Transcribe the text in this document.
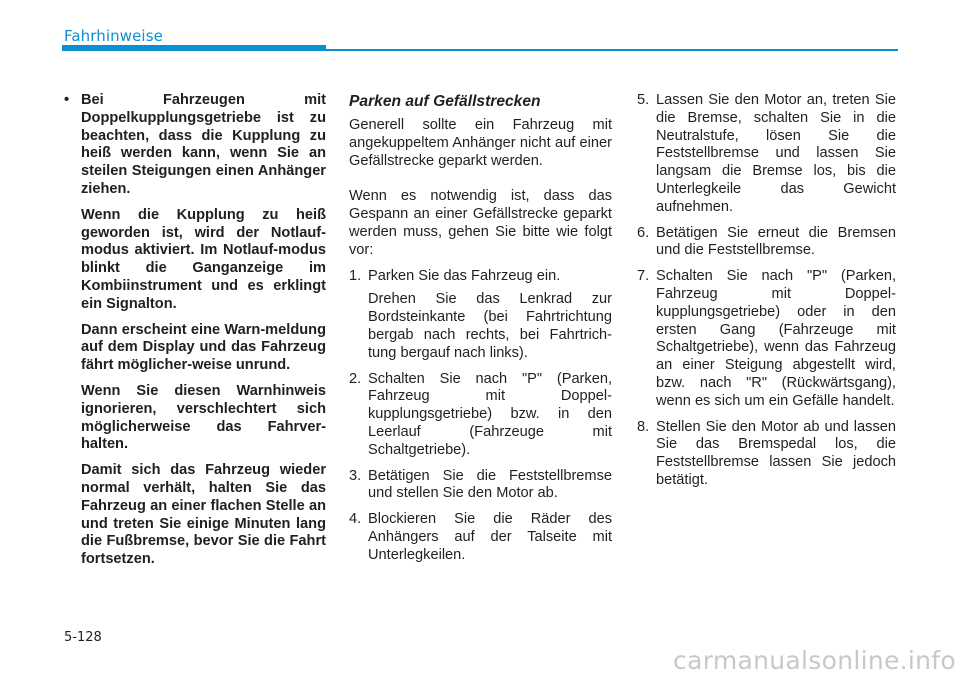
Fahrhinweise

• Bei Fahrzeugen mit Doppelkupplungsgetriebe ist zu beachten, dass die Kupplung zu heiß werden kann, wenn Sie an steilen Steigungen einen Anhänger ziehen.

Wenn die Kupplung zu heiß geworden ist, wird der Notlauf-modus aktiviert. Im Notlauf-modus blinkt die Ganganzeige im Kombiinstrument und es erklingt ein Signalton.

Dann erscheint eine Warn-meldung auf dem Display und das Fahrzeug fährt möglicher-weise unrund.

Wenn Sie diesen Warnhinweis ignorieren, verschlechtert sich möglicherweise das Fahrver-halten.

Damit sich das Fahrzeug wieder normal verhält, halten Sie das Fahrzeug an einer flachen Stelle an und treten Sie einige Minuten lang die Fußbremse, bevor Sie die Fahrt fortsetzen.

Parken auf Gefällstrecken

Generell sollte ein Fahrzeug mit angekuppeltem Anhänger nicht auf einer Gefällstrecke geparkt werden.

Wenn es notwendig ist, dass das Gespann an einer Gefällstrecke geparkt werden muss, gehen Sie bitte wie folgt vor:

1. Parken Sie das Fahrzeug ein.

Drehen Sie das Lenkrad zur Bordsteinkante (bei Fahrtrichtung bergab nach rechts, bei Fahrtrich-tung bergauf nach links).

2. Schalten Sie nach "P" (Parken, Fahrzeug mit Doppel-kupplungsgetriebe) bzw. in den Leerlauf (Fahrzeuge mit Schaltgetriebe).
3. Betätigen Sie die Feststellbremse und stellen Sie den Motor ab.
4. Blockieren Sie die Räder des Anhängers auf der Talseite mit Unterlegkeilen.
5. Lassen Sie den Motor an, treten Sie die Bremse, schalten Sie in die Neutralstufe, lösen Sie die Feststellbremse und lassen Sie langsam die Bremse los, bis die Unterlegkeile das Gewicht aufnehmen.
6. Betätigen Sie erneut die Bremsen und die Feststellbremse.
7. Schalten Sie nach "P" (Parken, Fahrzeug mit Doppel-kupplungsgetriebe) oder in den ersten Gang (Fahrzeuge mit Schaltgetriebe), wenn das Fahrzeug an einer Steigung abgestellt wird, bzw. nach "R" (Rückwärtsgang), wenn es sich um ein Gefälle handelt.
8. Stellen Sie den Motor ab und lassen Sie das Bremspedal los, die Feststellbremse lassen Sie jedoch betätigt.
5-128
carmanualsonline.info
